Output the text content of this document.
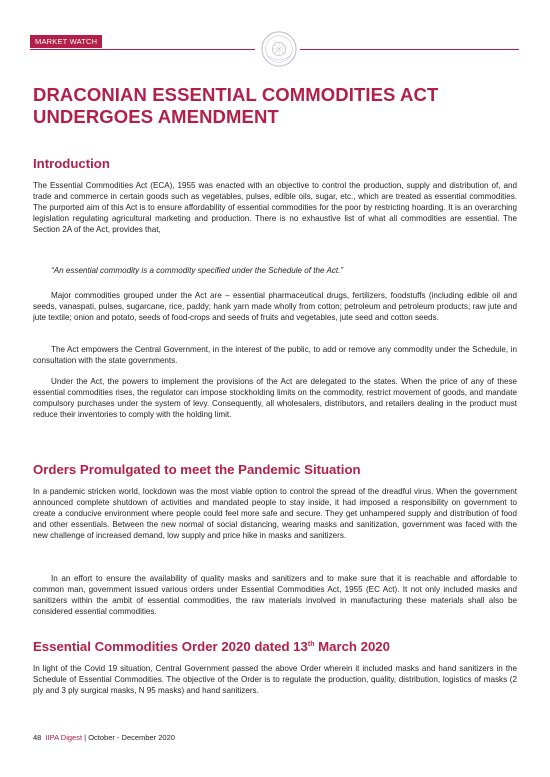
MARKET WATCH
DRACONIAN ESSENTIAL COMMODITIES ACT UNDERGOES AMENDMENT
Introduction

The Essential Commodities Act (ECA), 1955 was enacted with an objective to control the production, supply and distribution of, and trade and commerce in certain goods such as vegetables, pulses, edible oils, sugar, etc., which are treated as essential commodities. The purported aim of this Act is to ensure affordability of essential commodities for the poor by restricting hoarding. It is an overarching legislation regulating agricultural marketing and production. There is no exhaustive list of what all commodities are essential. The Section 2A of the Act, provides that,

“An essential commodity is a commodity specified under the Schedule of the Act.”

Major commodities grouped under the Act are – essential pharmaceutical drugs, fertilizers, foodstuffs (including edible oil and seeds, vanaspati, pulses, sugarcane, rice, paddy; hank yarn made wholly from cotton; petroleum and petroleum products; raw jute and jute textile; onion and potato, seeds of food-crops and seeds of fruits and vegetables, jute seed and cotton seeds.

The Act empowers the Central Government, in the interest of the public, to add or remove any commodity under the Schedule, in consultation with the state governments.

Under the Act, the powers to implement the provisions of the Act are delegated to the states. When the price of any of these essential commodities rises, the regulator can impose stockholding limits on the commodity, restrict movement of goods, and mandate compulsory purchases under the system of levy. Consequently, all wholesalers, distributors, and retailers dealing in the product must reduce their inventories to comply with the holding limit.

Orders Promulgated to meet the Pandemic Situation

In a pandemic stricken world, lockdown was the most viable option to control the spread of the dreadful virus. When the government announced complete shutdown of activities and mandated people to stay inside, it had imposed a responsibility on government to create a conducive environment where people could feel more safe and secure. They get unhampered supply and distribution of food and other essentials. Between the new normal of social distancing, wearing masks and sanitization, government was faced with the new challenge of increased demand, low supply and price hike in masks and sanitizers.

In an effort to ensure the availability of quality masks and sanitizers and to make sure that it is reachable and affordable to common man, government issued various orders under Essential Commodities Act, 1955 (EC Act). It not only included masks and sanitizers within the ambit of essential commodities, the raw materials involved in manufacturing these materials shall also be considered essential commodities.

Essential Commodities Order 2020 dated 13th March 2020

In light of the Covid 19 situation, Central Government passed the above Order wherein it included masks and hand sanitizers in the Schedule of Essential Commodities. The objective of the Order is to regulate the production, quality, distribution, logistics of masks (2 ply and 3 ply surgical masks, N 95 masks) and hand sanitizers.

48 IIPA Digest | October - December 2020
